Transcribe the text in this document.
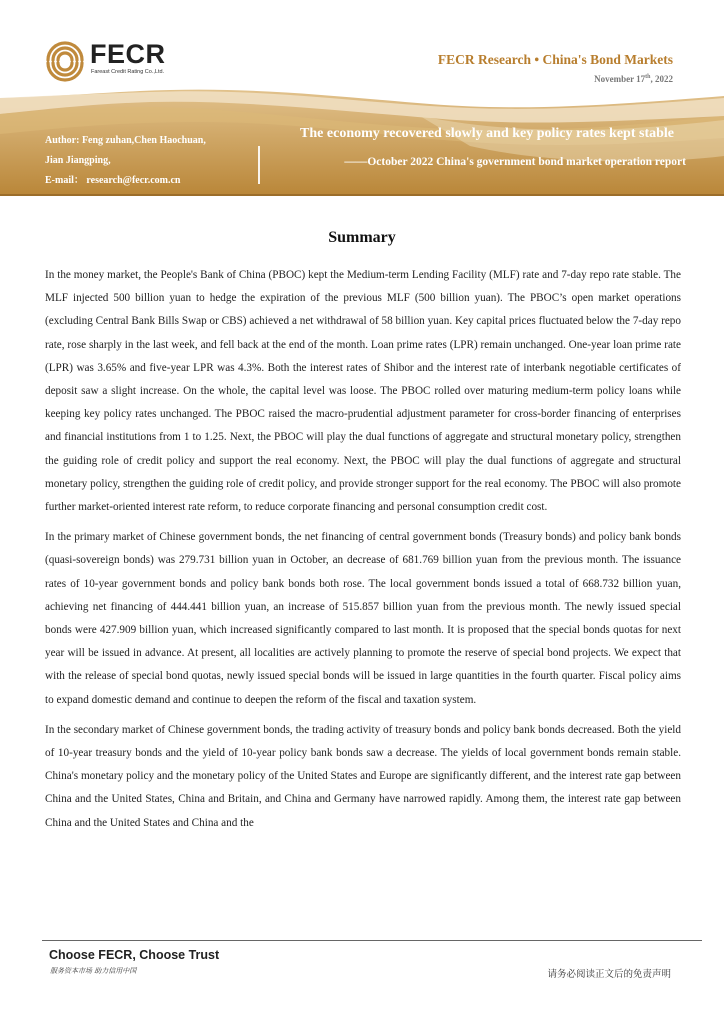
FECR
Fareast Credit Rating Co.,Ltd.
FECR Research • China's Bond Markets
November 17th, 2022
Author: Feng zuhan,Chen Haochuan,
Jian Jiangping,
E-mail： research@fecr.com.cn
The economy recovered slowly and key policy rates kept stable
——October 2022 China's government bond market operation report
Summary

In the money market, the People's Bank of China (PBOC) kept the Medium-term Lending Facility (MLF) rate and 7-day repo rate stable. The MLF injected 500 billion yuan to hedge the expiration of the previous MLF (500 billion yuan). The PBOC’s open market operations (excluding Central Bank Bills Swap or CBS) achieved a net withdrawal of 58 billion yuan. Key capital prices fluctuated below the 7-day repo rate, rose sharply in the last week, and fell back at the end of the month. Loan prime rates (LPR) remain unchanged. One-year loan prime rate (LPR) was 3.65% and five-year LPR was 4.3%. Both the interest rates of Shibor and the interest rate of interbank negotiable certificates of deposit saw a slight increase. On the whole, the capital level was loose. The PBOC rolled over maturing medium-term policy loans while keeping key policy rates unchanged. The PBOC raised the macro-prudential adjustment parameter for cross-border financing of enterprises and financial institutions from 1 to 1.25. Next, the PBOC will play the dual functions of aggregate and structural monetary policy, strengthen the guiding role of credit policy and support the real economy. Next, the PBOC will play the dual functions of aggregate and structural monetary policy, strengthen the guiding role of credit policy, and provide stronger support for the real economy. The PBOC will also promote further market-oriented interest rate reform, to reduce corporate financing and personal consumption credit cost.

In the primary market of Chinese government bonds, the net financing of central government bonds (Treasury bonds) and policy bank bonds (quasi-sovereign bonds) was 279.731 billion yuan in October, an decrease of 681.769 billion yuan from the previous month. The issuance rates of 10-year government bonds and policy bank bonds both rose. The local government bonds issued a total of 668.732 billion yuan, achieving net financing of 444.441 billion yuan, an increase of 515.857 billion yuan from the previous month. The newly issued special bonds were 427.909 billion yuan, which increased significantly compared to last month. It is proposed that the special bonds quotas for next year will be issued in advance. At present, all localities are actively planning to promote the reserve of special bond projects. We expect that with the release of special bond quotas, newly issued special bonds will be issued in large quantities in the fourth quarter. Fiscal policy aims to expand domestic demand and continue to deepen the reform of the fiscal and taxation system.

In the secondary market of Chinese government bonds, the trading activity of treasury bonds and policy bank bonds decreased. Both the yield of 10-year treasury bonds and the yield of 10-year policy bank bonds saw a decrease. The yields of local government bonds remain stable. China's monetary policy and the monetary policy of the United States and Europe are significantly different, and the interest rate gap between China and the United States, China and Britain, and China and Germany have narrowed rapidly. Among them, the interest rate gap between China and the United States and China and the

Choose FECR, Choose Trust
服务资本市场 助力信用中国	请务必阅读正文后的免责声明
